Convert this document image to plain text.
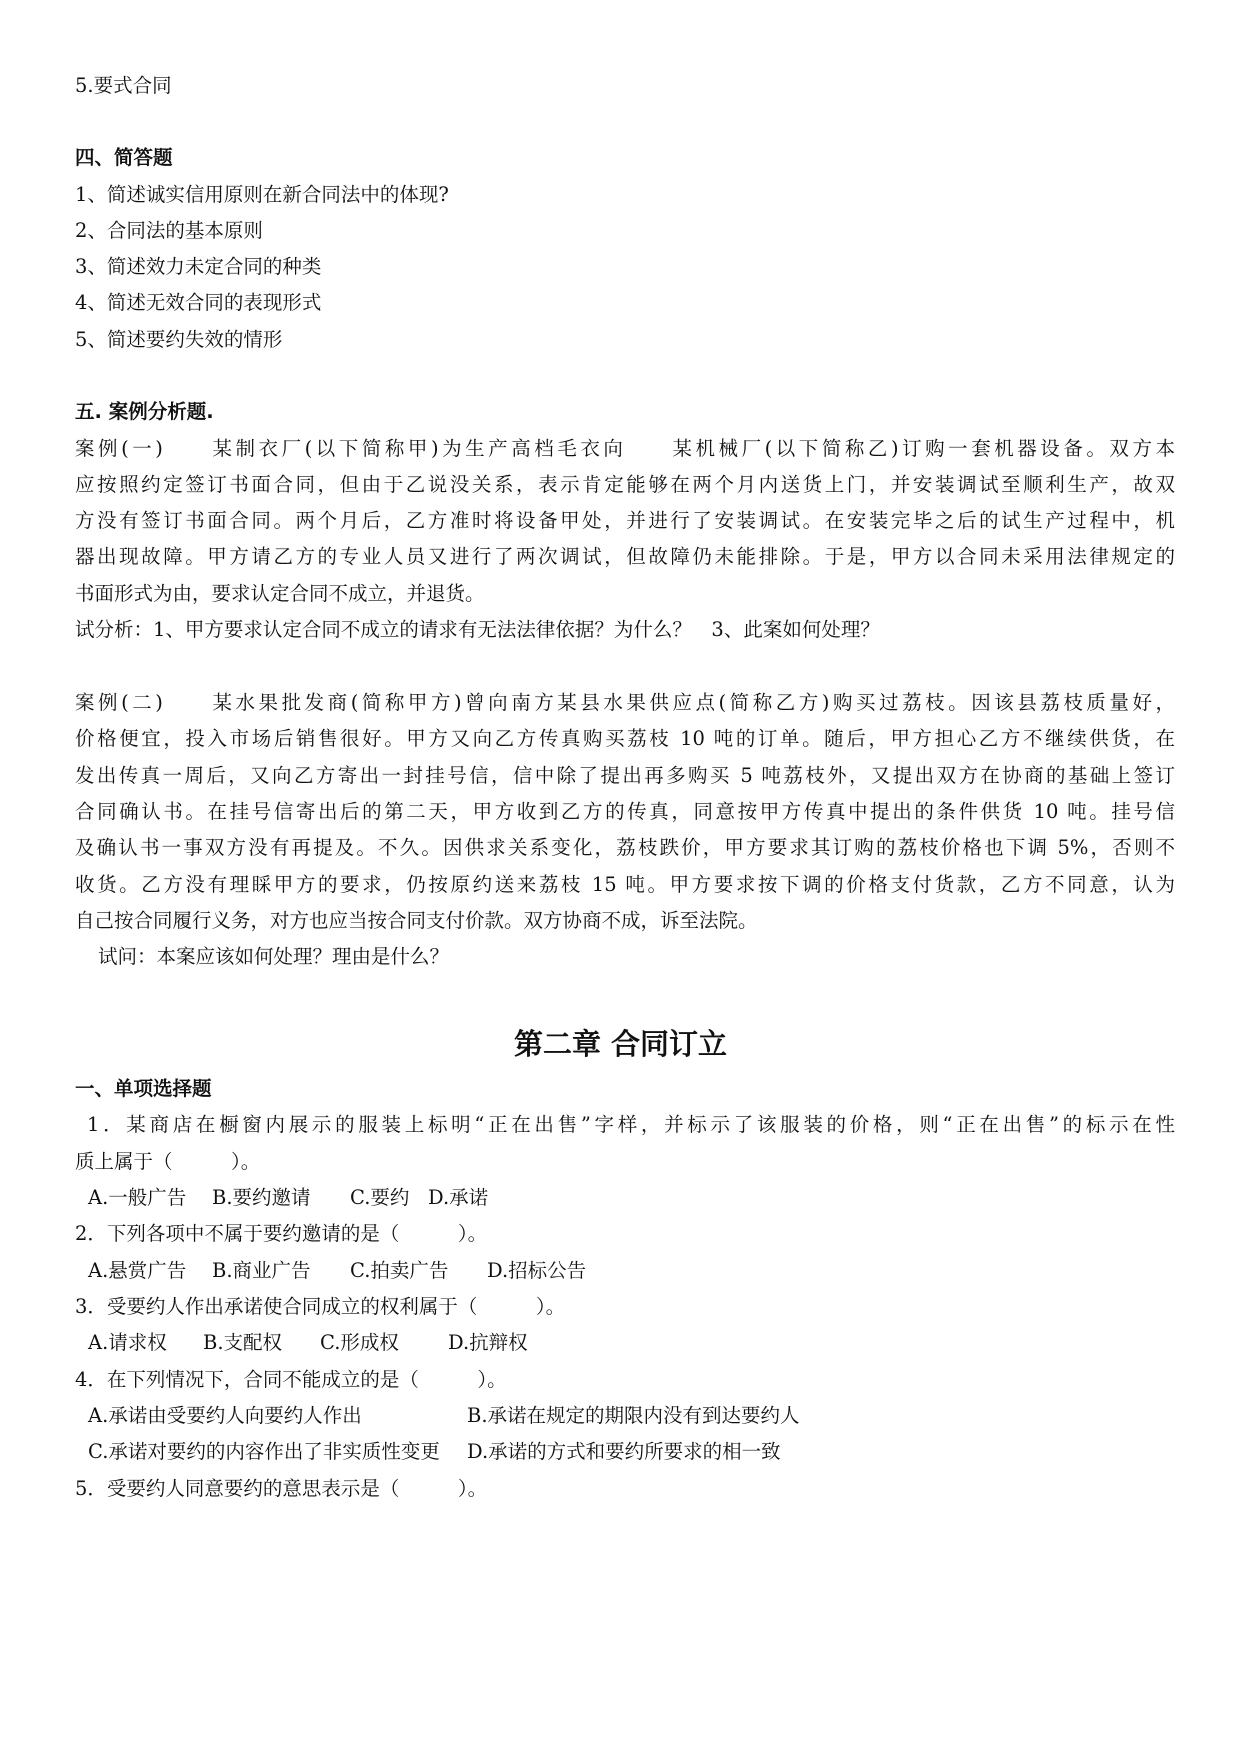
5.要式合同
四、简答题
1、简述诚实信用原则在新合同法中的体现?
2、合同法的基本原则
3、简述效力未定合同的种类
4、简述无效合同的表现形式
5、简述要约失效的情形
五. 案例分析题.
案例(一)　　某制衣厂(以下简称甲)为生产高档毛衣向　　某机械厂(以下简称乙)订购一套机器设备。双方本
应按照约定签订书面合同，但由于乙说没关系，表示肯定能够在两个月内送货上门，并安装调试至顺利生产，故双
方没有签订书面合同。两个月后，乙方准时将设备甲处，并进行了安装调试。在安装完毕之后的试生产过程中，机
器出现故障。甲方请乙方的专业人员又进行了两次调试，但故障仍未能排除。于是，甲方以合同未采用法律规定的
书面形式为由，要求认定合同不成立，并退货。
试分析：1、甲方要求认定合同不成立的请求有无法法律依据？为什么？　3、此案如何处理？
案例(二)　　某水果批发商(简称甲方)曾向南方某县水果供应点(简称乙方)购买过荔枝。因该县荔枝质量好，
价格便宜，投入市场后销售很好。甲方又向乙方传真购买荔枝 10 吨的订单。随后，甲方担心乙方不继续供货，在
发出传真一周后，又向乙方寄出一封挂号信，信中除了提出再多购买 5 吨荔枝外，又提出双方在协商的基础上签订
合同确认书。在挂号信寄出后的第二天，甲方收到乙方的传真，同意按甲方传真中提出的条件供货 10 吨。挂号信
及确认书一事双方没有再提及。不久。因供求关系变化，荔枝跌价，甲方要求其订购的荔枝价格也下调 5%，否则不
收货。乙方没有理睬甲方的要求，仍按原约送来荔枝 15 吨。甲方要求按下调的价格支付货款，乙方不同意，认为
自己按合同履行义务，对方也应当按合同支付价款。双方协商不成，诉至法院。
试问：本案应该如何处理？理由是什么？
第二章 合同订立
一、单项选择题
1．某商店在橱窗内展示的服装上标明“正在出售”字样，并标示了该服装的价格，则“正在出售”的标示在性
质上属于（　　　）。
A.一般广告 B.要约邀请 C.要约 D.承诺
2．下列各项中不属于要约邀请的是（　　　）。
A.悬赏广告 B.商业广告 C.拍卖广告 D.招标公告
3．受要约人作出承诺使合同成立的权利属于（　　　）。
A.请求权 B.支配权 C.形成权	D.抗辩权
4．在下列情况下，合同不能成立的是（　　　）。
A.承诺由受要约人向要约人作出	B.承诺在规定的期限内没有到达要约人
C.承诺对要约的内容作出了非实质性变更 D.承诺的方式和要约所要求的相一致
5．受要约人同意要约的意思表示是（　　　）。
